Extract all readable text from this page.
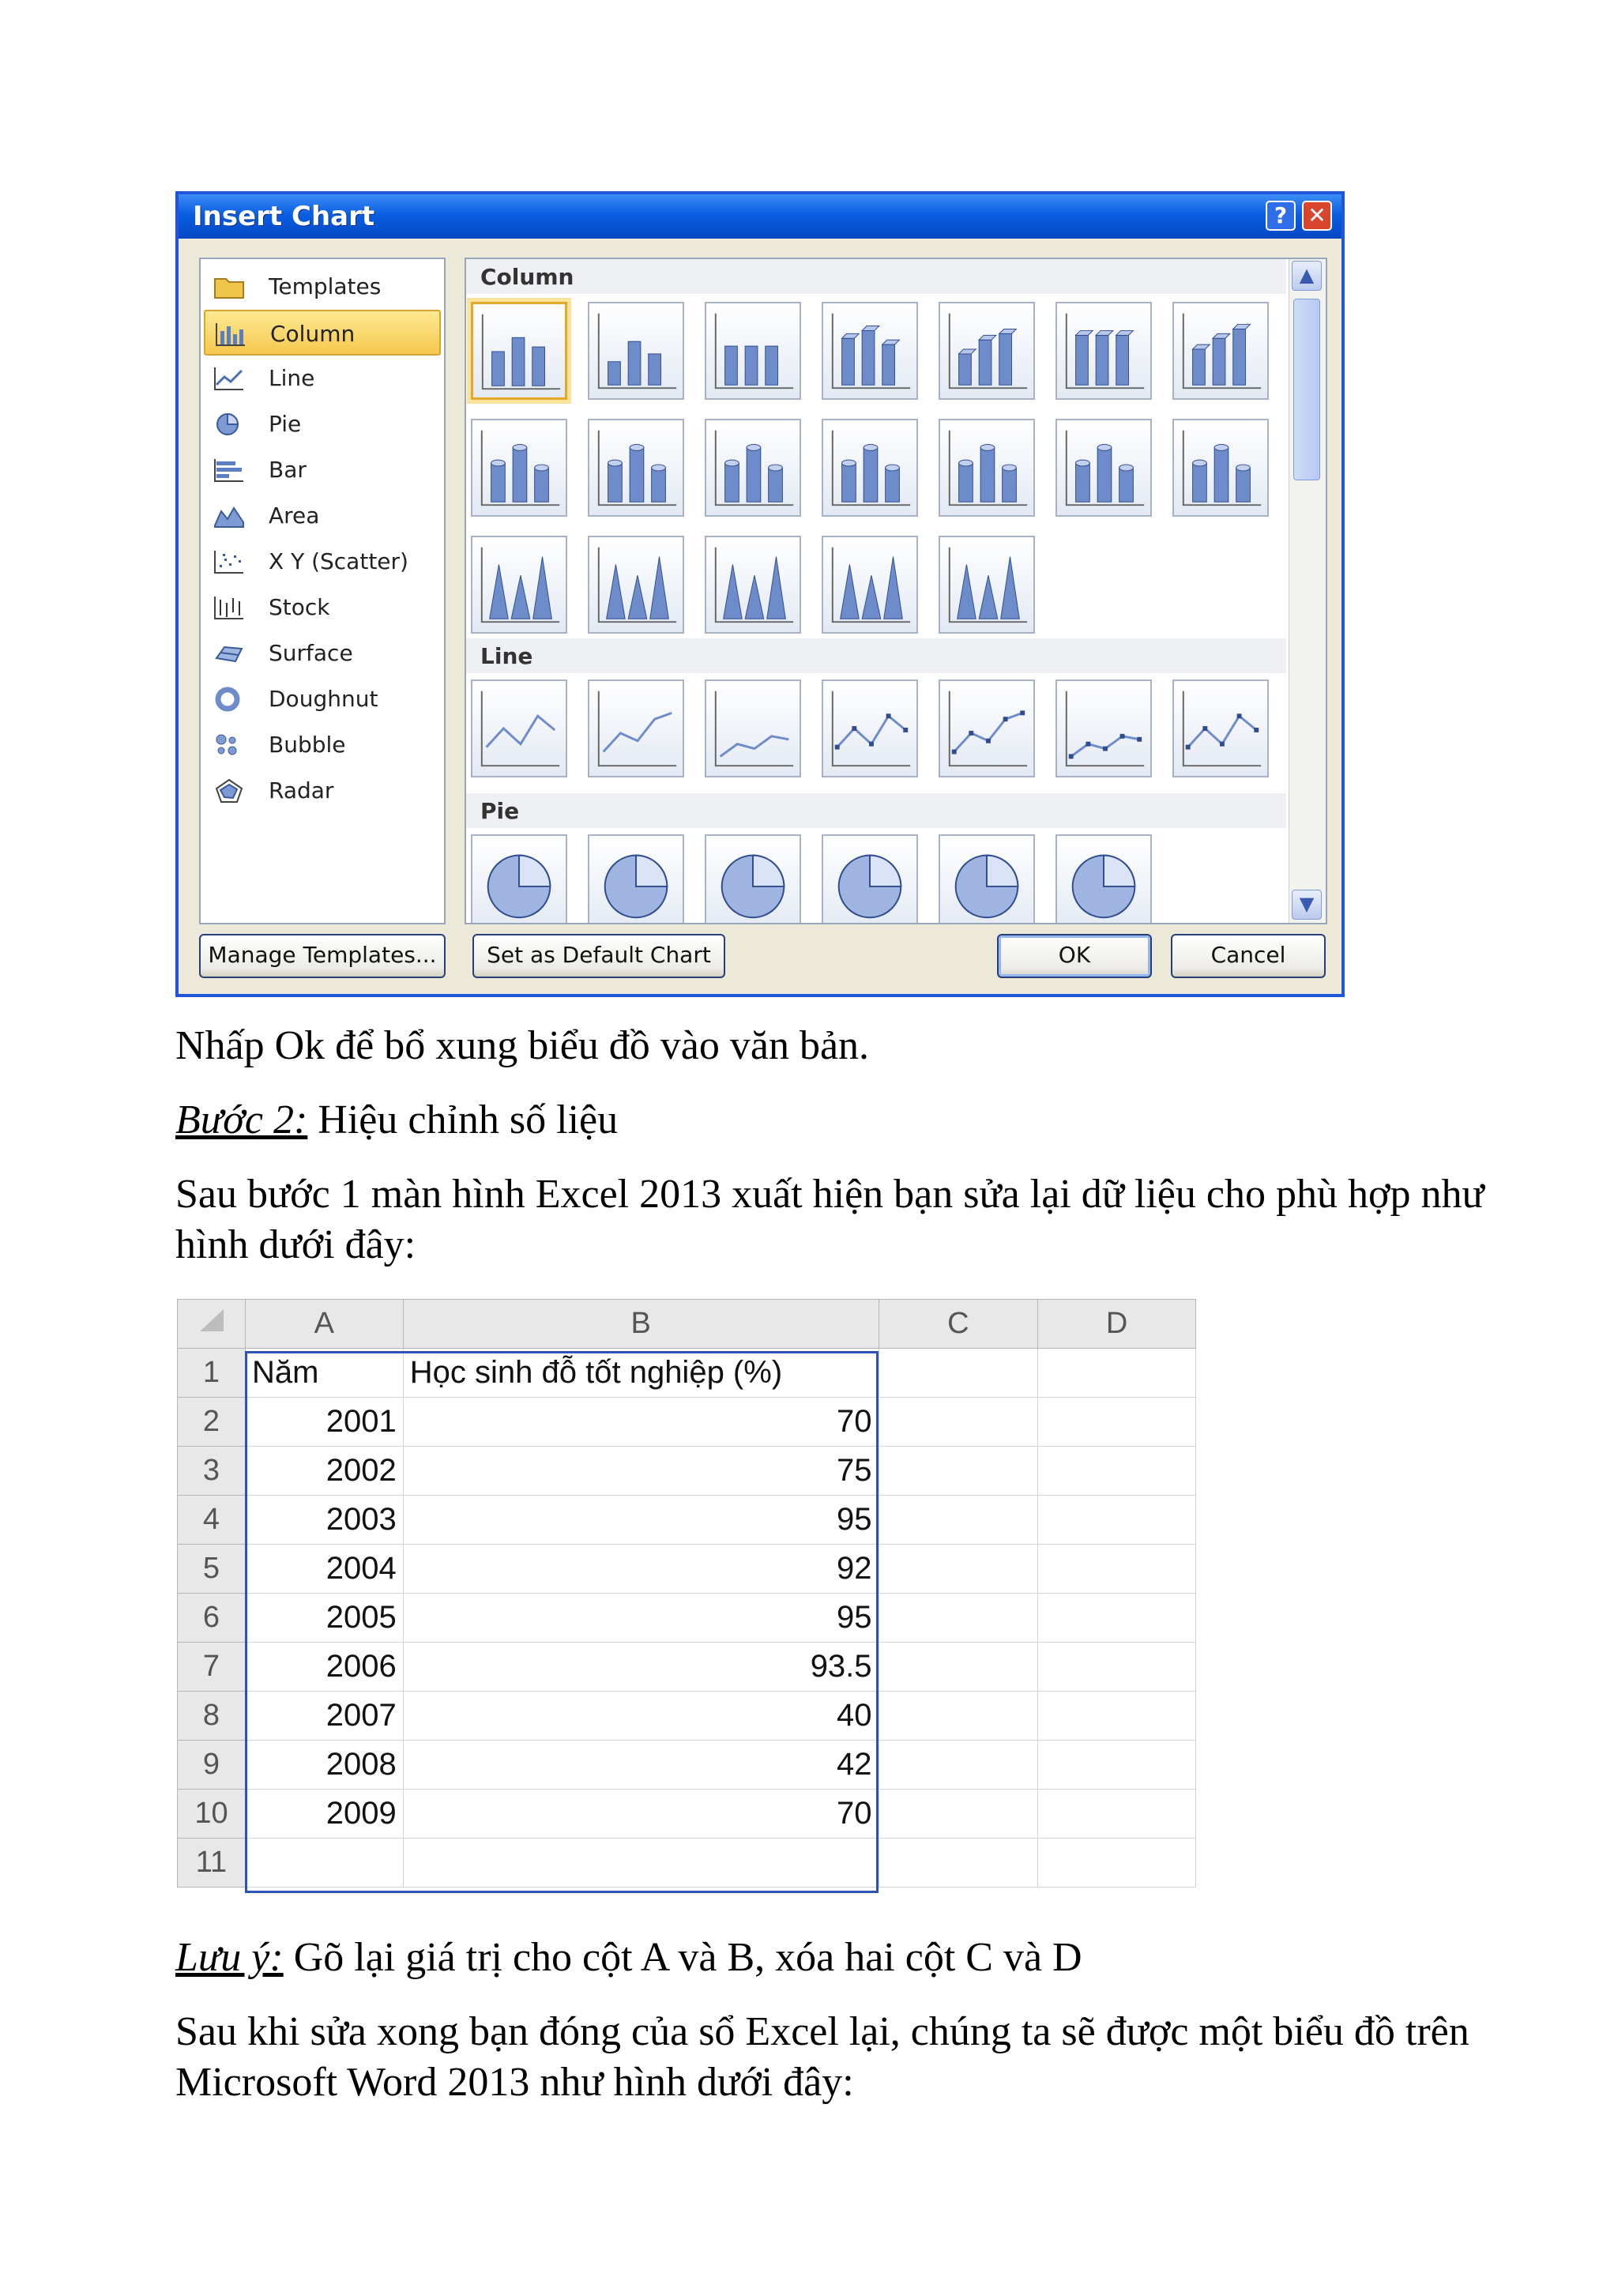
Insert Chart	? ✕
Templates
Column
Line
Pie
Bar
Area
X Y (Scatter)
Stock
Surface
Doughnut
Bubble
Radar
Column
Line
Pie
▲
▼
Manage Templates...	Set as Default Chart	OK	Cancel
Nhấp Ok để bổ xung biểu đồ vào văn bản.
Bước 2: Hiệu chỉnh số liệu
Sau bước 1 màn hình Excel 2013 xuất hiện bạn sửa lại dữ liệu cho phù hợp như hình dưới đây:
	A	B	C	D
1	Năm	Học sinh đỗ tốt nghiệp (%)		
2	2001	70		
3	2002	75		
4	2003	95		
5	2004	92		
6	2005	95		
7	2006	93.5		
8	2007	40		
9	2008	42		
10	2009	70		
11				
Lưu ý: Gõ lại giá trị cho cột A và B, xóa hai cột C và D
Sau khi sửa xong bạn đóng của sổ Excel lại, chúng ta sẽ được một biểu đồ trên Microsoft Word 2013 như hình dưới đây:
